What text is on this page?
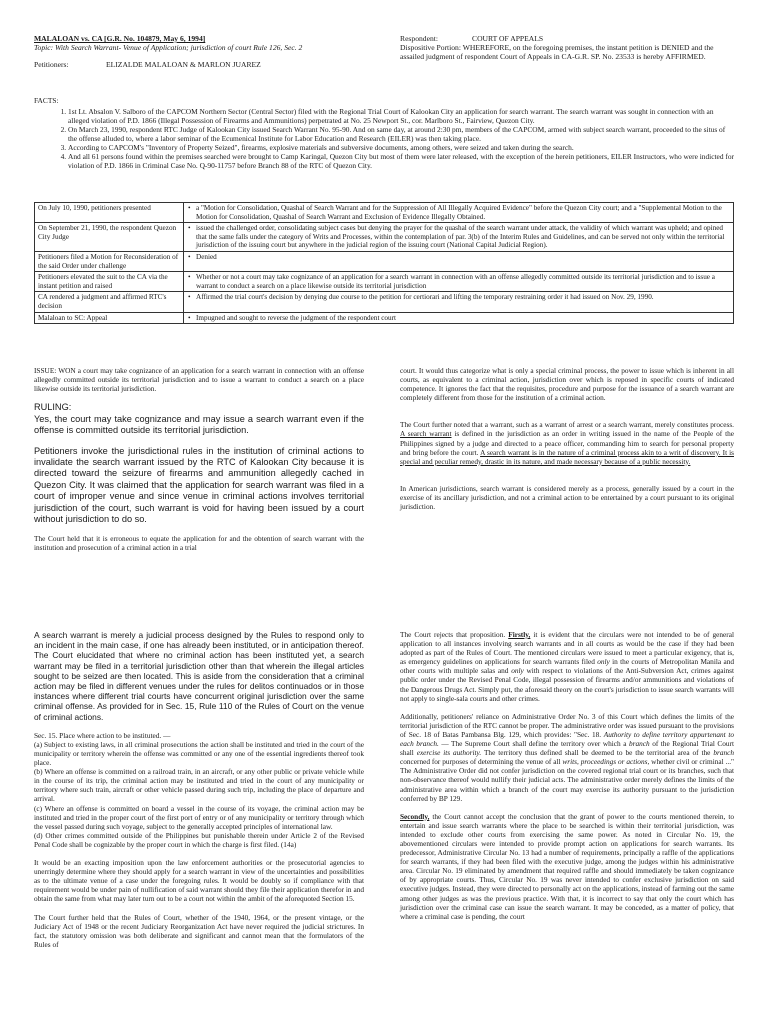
MALALOAN vs. CA [G.R. No. 104879, May 6, 1994]
Topic: With Search Warrant- Venue of Application; jurisdiction of court Rule 126, Sec. 2
Petitioners:	ELIZALDE MALALOAN & MARLON JUAREZ
Respondent:	COURT OF APPEALS
Dispositive Portion: WHEREFORE, on the foregoing premises, the instant petition is DENIED and the assailed judgment of respondent Court of Appeals in CA-G.R. SP. No. 23533 is hereby AFFIRMED.
FACTS:
1. 1st Lt. Absalon V. Salboro of the CAPCOM Northern Sector (Central Sector) filed with the Regional Trial Court of Kalookan City an application for search warrant. The search warrant was sought in connection with an alleged violation of P.D. 1866 (Illegal Possession of Firearms and Ammunitions) perpetrated at No. 25 Newport St., cor. Marlboro St., Fairview, Quezon City.
2. On March 23, 1990, respondent RTC Judge of Kalookan City issued Search Warrant No. 95-90. And on same day, at around 2:30 pm, members of the CAPCOM, armed with subject search warrant, proceeded to the situs of the offense alluded to, where a labor seminar of the Ecumenical Institute for Labor Education and Research (EILER) was then taking place.
3. According to CAPCOM's "Inventory of Property Seized", firearms, explosive materials and subversive documents, among others, were seized and taken during the search.
4. And all 61 persons found within the premises searched were brought to Camp Karingal, Quezon City but most of them were later released, with the exception of the herein petitioners, EILER Instructors, who were indicted for violation of P.D. 1866 in Criminal Case No. Q-90-11757 before Branch 88 of the RTC of Quezon City.
On July 10, 1990, petitioners presented	• a "Motion for Consolidation, Quashal of Search Warrant and for the Suppression of All Illegally Acquired Evidence" before the Quezon City court; and a "Supplemental Motion to the Motion for Consolidation, Quashal of Search Warrant and Exclusion of Evidence Illegally Obtained.
On September 21, 1990, the respondent Quezon City Judge	• issued the challenged order, consolidating subject cases but denying the prayer for the quashal of the search warrant under attack, the validity of which warrant was upheld; and opined that the same falls under the category of Writs and Processes, within the contemplation of par. 3(b) of the Interim Rules and Guidelines, and can be served not only within the territorial jurisdiction of the issuing court but anywhere in the judicial region of the issuing court (National Capital Judicial Region).
Petitioners filed a Motion for Reconsideration of the said Order under challenge	• Denied
Petitioners elevated the suit to the CA via the instant petition and raised	• Whether or not a court may take cognizance of an application for a search warrant in connection with an offense allegedly committed outside its territorial jurisdiction and to issue a warrant to conduct a search on a place likewise outside its territorial jurisdiction
CA rendered a judgment and affirmed RTC's decision	• Affirmed the trial court's decision by denying due course to the petition for certiorari and lifting the temporary restraining order it had issued on Nov. 29, 1990.
Malaloan to SC: Appeal	• Impugned and sought to reverse the judgment of the respondent court

ISSUE: WON a court may take cognizance of an application for a search warrant in connection with an offense allegedly committed outside its territorial jurisdiction and to issue a warrant to conduct a search on a place likewise outside its territorial jurisdiction.

RULING:

Yes, the court may take cognizance and may issue a search warrant even if the offense is committed outside its territorial jurisdiction.

Petitioners invoke the jurisdictional rules in the institution of criminal actions to invalidate the search warrant issued by the RTC of Kalookan City because it is directed toward the seizure of firearms and ammunition allegedly cached in Quezon City. It was claimed that the application for search warrant was filed in a court of improper venue and since venue in criminal actions involves territorial jurisdiction of the court, such warrant is void for having been issued by a court without jurisdiction to do so.

The Court held that it is erroneous to equate the application for and the obtention of search warrant with the institution and prosecution of a criminal action in a trial

court. It would thus categorize what is only a special criminal process, the power to issue which is inherent in all courts, as equivalent to a criminal action, jurisdiction over which is reposed in specific courts of indicated competence. It ignores the fact that the requisites, procedure and purpose for the issuance of a search warrant are completely different from those for the institution of a criminal action.

The Court further noted that a warrant, such as a warrant of arrest or a search warrant, merely constitutes process. A search warrant is defined in the jurisdiction as an order in writing issued in the name of the People of the Philippines signed by a judge and directed to a peace officer, commanding him to search for personal property and bring before the court. A search warrant is in the nature of a criminal process akin to a writ of discovery. It is special and peculiar remedy, drastic in its nature, and made necessary because of a public necessity.

In American jurisdictions, search warrant is considered merely as a process, generally issued by a court in the exercise of its ancillary jurisdiction, and not a criminal action to be entertained by a court pursuant to its original jurisdiction.

A search warrant is merely a judicial process designed by the Rules to respond only to an incident in the main case, if one has already been instituted, or in anticipation thereof. The Court elucidated that where no criminal action has been instituted yet, a search warrant may be filed in a territorial jurisdiction other than that wherein the illegal articles sought to be seized are then located. This is aside from the consideration that a criminal action may be filed in different venues under the rules for delitos continuados or in those instances where different trial courts have concurrent original jurisdiction over the same criminal offense. As provided for in Sec. 15, Rule 110 of the Rules of Court on the venue of criminal actions.

Sec. 15. Place where action to be instituted. —
(a) Subject to existing laws, in all criminal prosecutions the action shall be instituted and tried in the court of the municipality or territory wherein the offense was committed or any one of the essential ingredients thereof took place.
(b) Where an offense is committed on a railroad train, in an aircraft, or any other public or private vehicle while in the course of its trip, the criminal action may be instituted and tried in the court of any municipality or territory where such train, aircraft or other vehicle passed during such trip, including the place of departure and arrival.
(c) Where an offense is committed on board a vessel in the course of its voyage, the criminal action may be instituted and tried in the proper court of the first port of entry or of any municipality or territory through which the vessel passed during such voyage, subject to the generally accepted principles of international law.
(d) Other crimes committed outside of the Philippines but punishable therein under Article 2 of the Revised Penal Code shall be cognizable by the proper court in which the charge is first filed. (14a)

It would be an exacting imposition upon the law enforcement authorities or the prosecutorial agencies to unerringly determine where they should apply for a search warrant in view of the uncertainties and possibilities as to the ultimate venue of a case under the foregoing rules. It would be doubly so if compliance with that requirement would be under pain of nullification of said warrant should they file their application therefor in and obtain the same from what may later turn out to be a court not within the ambit of the aforequoted Section 15.

The Court further held that the Rules of Court, whether of the 1940, 1964, or the present vintage, or the Judiciary Act of 1948 or the recent Judiciary Reorganization Act have never required the judicial strictures. In fact, the statutory omission was both deliberate and significant and cannot mean that the formulators of the Rules of

The Court rejects that proposition. Firstly, it is evident that the circulars were not intended to be of general application to all instances involving search warrants and in all courts as would be the case if they had been adopted as part of the Rules of Court. The mentioned circulars were issued to meet a particular exigency, that is, as emergency guidelines on applications for search warrants filed only in the courts of Metropolitan Manila and other courts with multiple salas and only with respect to violations of the Anti-Subversion Act, crimes against public order under the Revised Penal Code, illegal possession of firearms and/or ammunitions and violations of the Dangerous Drugs Act. Simply put, the aforesaid theory on the court's jurisdiction to issue search warrants will not apply to single-sala courts and other crimes.

Additionally, petitioners' reliance on Administrative Order No. 3 of this Court which defines the limits of the territorial jurisdiction of the RTC cannot be proper. The administrative order was issued pursuant to the provisions of Sec. 18 of Batas Pambansa Blg. 129, which provides: "Sec. 18. Authority to define territory appurtenant to each branch. — The Supreme Court shall define the territory over which a branch of the Regional Trial Court shall exercise its authority. The territory thus defined shall be deemed to be the territorial area of the branch concerned for purposes of determining the venue of all writs, proceedings or actions, whether civil or criminal ..." The Administrative Order did not confer jurisdiction on the covered regional trial court or its branches, such that non-observance thereof would nullify their judicial acts. The administrative order merely defines the limits of the administrative area within which a branch of the court may exercise its authority pursuant to the jurisdiction conferred by BP 129.

Secondly, the Court cannot accept the conclusion that the grant of power to the courts mentioned therein, to entertain and issue search warrants where the place to be searched is within their territorial jurisdiction, was intended to exclude other courts from exercising the same power. As noted in Circular No. 19, the abovementioned circulars were intended to provide prompt action on applications for search warrants. Its predecessor, Administrative Circular No. 13 had a number of requirements, principally a raffle of the applications for search warrants, if they had been filed with the executive judge, among the judges within his administrative area. Circular No. 19 eliminated by amendment that required raffle and should immediately be taken cognizance of by appropriate courts. Thus, Circular No. 19 was never intended to confer exclusive jurisdiction on said executive judges. Instead, they were directed to personally act on the applications, instead of farming out the same among other judges as was the previous practice. With that, it is incorrect to say that only the court which has jurisdiction over the criminal case can issue the search warrant. It may be conceded, as a matter of policy, that where a criminal case is pending, the court
